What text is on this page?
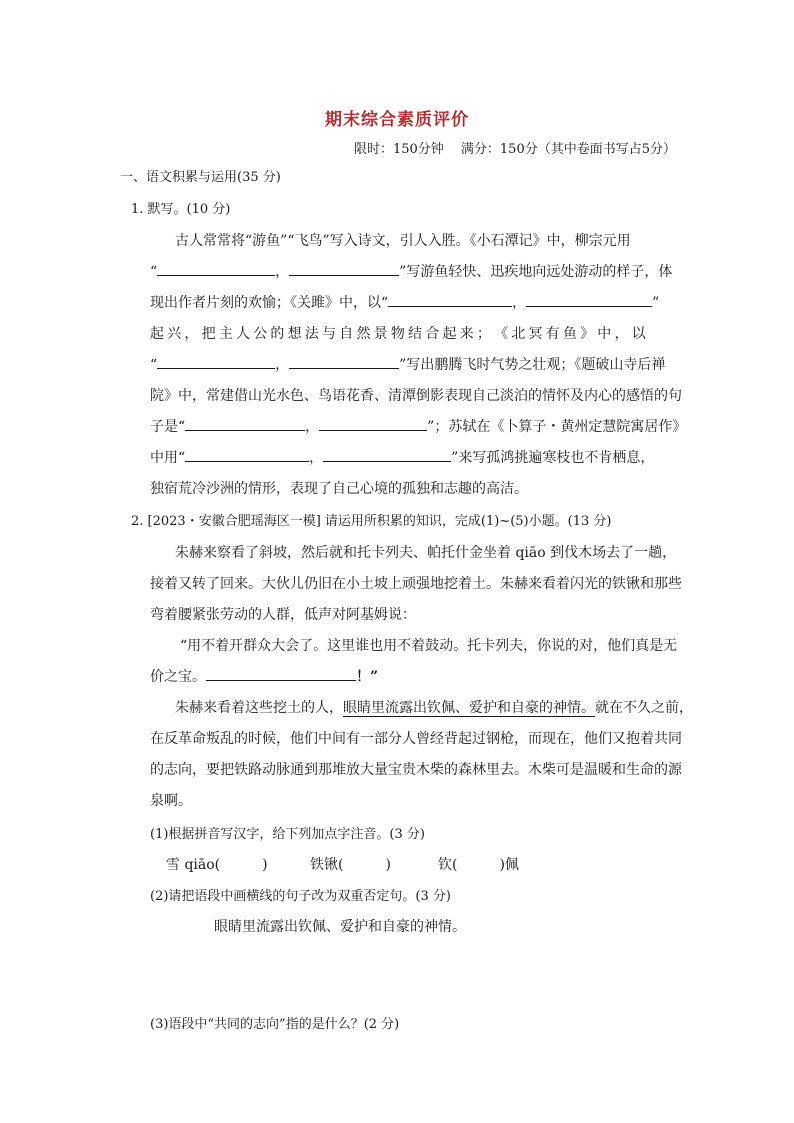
期末综合素质评价
限时：150分钟　 满分：150分（其中卷面书写占5分）
一、语文积累与运用(35 分)
1. 默写。(10 分)
古人常常将“游鱼”“飞鸟”写入诗文，引人入胜。《小石潭记》中，柳宗元用
“	，	”写游鱼轻快、迅疾地向远处游动的样子，体
现出作者片刻的欢愉；《关雎》中，以“	，	”
起 兴 ， 把 主 人 公 的 想 法 与 自 然 景 物 结 合 起 来 ； 《 北 冥 有 鱼 》 中 ， 以
“	，	”写出鹏腾飞时气势之壮观；《题破山寺后禅
院》中，常建借山光水色、鸟语花香、清潭倒影表现自己淡泊的情怀及内心的感悟的句
子是“	，	”；苏轼在《卜算子・黄州定慧院寓居作》
中用“	，	”来写孤鸿挑遍寒枝也不肯栖息，
独宿荒冷沙洲的情形，表现了自己心境的孤独和志趣的高洁。
2. [2023・安徽合肥瑶海区一模] 请运用所积累的知识，完成(1)~(5)小题。(13 分)
朱赫来察看了斜坡，然后就和托卡列夫、帕托什金坐着 qiāo 到伐木场去了一趟，
接着又转了回来。大伙儿仍旧在小土坡上顽强地挖着土。朱赫来看着闪光的铁锹和那些
弯着腰紧张劳动的人群，低声对阿基姆说：
“用不着开群众大会了。这里谁也用不着鼓动。托卡列夫，你说的对，他们真是无
价之宝。	！”
朱赫来看着这些挖土的人，眼睛里流露出钦佩、爱护和自豪的神情。就在不久之前，
在反革命叛乱的时候，他们中间有一部分人曾经背起过钢枪，而现在，他们又抱着共同
的志向，要把铁路动脉通到那堆放大量宝贵木柴的森林里去。木柴可是温暖和生命的源
泉啊。
(1)根据拼音写汉字，给下列加点字注音。(3 分)
雪 qiāo(　　　)	铁锹(　　　)	钦(　　　)佩
(2)请把语段中画横线的句子改为双重否定句。(3 分)
眼睛里流露出钦佩、爱护和自豪的神情。
(3)语段中“共同的志向”指的是什么？(2 分)
